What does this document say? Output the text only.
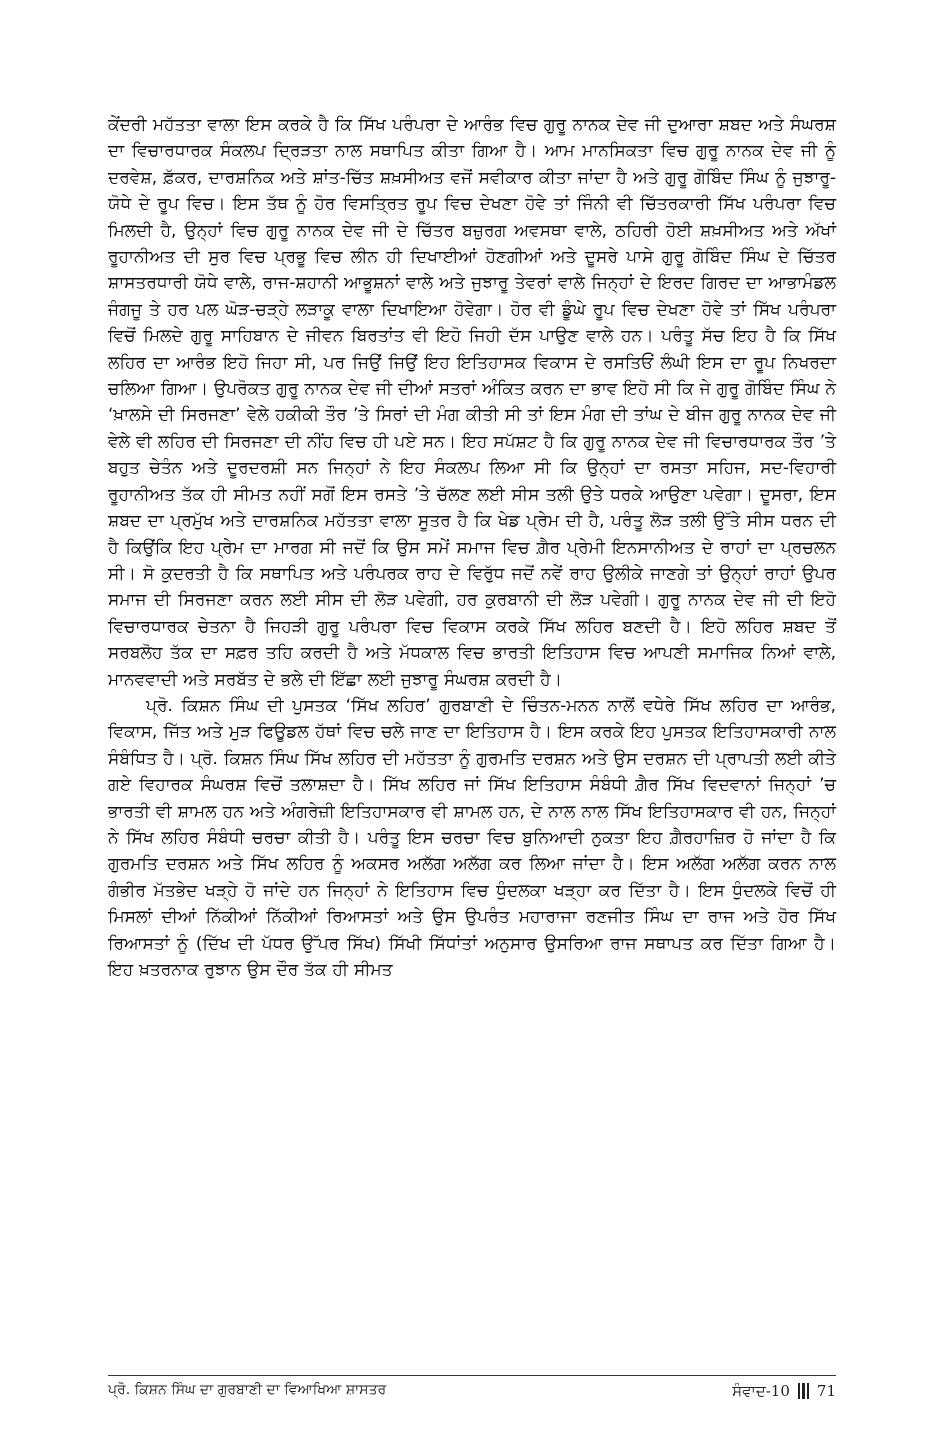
ਕੇਂਦਰੀ ਮਹੱਤਤਾ ਵਾਲਾ ਇਸ ਕਰਕੇ ਹੈ ਕਿ ਸਿੱਖ ਪਰੰਪਰਾ ਦੇ ਆਰੰਭ ਵਿਚ ਗੁਰੂ ਨਾਨਕ ਦੇਵ ਜੀ ਦੁਆਰਾ ਸ਼ਬਦ ਅਤੇ ਸੰਘਰਸ਼ ਦਾ ਵਿਚਾਰਧਾਰਕ ਸੰਕਲਪ ਦ੍ਰਿੜਤਾ ਨਾਲ ਸਥਾਪਿਤ ਕੀਤਾ ਗਿਆ ਹੈ। ਆਮ ਮਾਨਸਿਕਤਾ ਵਿਚ ਗੁਰੂ ਨਾਨਕ ਦੇਵ ਜੀ ਨੂੰ ਦਰਵੇਸ਼, ਫ਼ੱਕਰ, ਦਾਰਸ਼ਨਿਕ ਅਤੇ ਸ਼ਾਂਤ-ਚਿੱਤ ਸ਼ਖ਼ਸੀਅਤ ਵਜੋਂ ਸਵੀਕਾਰ ਕੀਤਾ ਜਾਂਦਾ ਹੈ ਅਤੇ ਗੁਰੂ ਗੋਬਿੰਦ ਸਿੰਘ ਨੂੰ ਜੁਝਾਰੂ-ਯੋਧੇ ਦੇ ਰੂਪ ਵਿਚ। ਇਸ ਤੱਥ ਨੂੰ ਹੋਰ ਵਿਸਤ੍ਰਿਤ ਰੂਪ ਵਿਚ ਦੇਖਣਾ ਹੋਵੇ ਤਾਂ ਜਿੰਨੀ ਵੀ ਚਿੱਤਰਕਾਰੀ ਸਿੱਖ ਪਰੰਪਰਾ ਵਿਚ ਮਿਲਦੀ ਹੈ, ਉਨ੍ਹਾਂ ਵਿਚ ਗੁਰੂ ਨਾਨਕ ਦੇਵ ਜੀ ਦੇ ਚਿੱਤਰ ਬਜ਼ੁਰਗ ਅਵਸਥਾ ਵਾਲੇ, ਠਹਿਰੀ ਹੋਈ ਸ਼ਖ਼ਸੀਅਤ ਅਤੇ ਅੱਖਾਂ ਰੂਹਾਨੀਅਤ ਦੀ ਸੁਰ ਵਿਚ ਪ੍ਰਭੂ ਵਿਚ ਲੀਨ ਹੀ ਦਿਖਾਈਆਂ ਹੋਣਗੀਆਂ ਅਤੇ ਦੂਸਰੇ ਪਾਸੇ ਗੁਰੂ ਗੋਬਿੰਦ ਸਿੰਘ ਦੇ ਚਿੱਤਰ ਸ਼ਾਸਤਰਧਾਰੀ ਯੋਧੇ ਵਾਲੇ, ਰਾਜ-ਸ਼ਹਾਨੀ ਆਭੂਸ਼ਨਾਂ ਵਾਲੇ ਅਤੇ ਜੁਝਾਰੂ ਤੇਵਰਾਂ ਵਾਲੇ ਜਿਨ੍ਹਾਂ ਦੇ ਇਰਦ ਗਿਰਦ ਦਾ ਆਭਾਮੰਡਲ ਜੰਗਜੂ ਤੇ ਹਰ ਪਲ ਘੋੜ-ਚੜ੍ਹੇ ਲੜਾਕੂ ਵਾਲਾ ਦਿਖਾਇਆ ਹੋਵੇਗਾ। ਹੋਰ ਵੀ ਡੂੰਘੇ ਰੂਪ ਵਿਚ ਦੇਖਣਾ ਹੋਵੇ ਤਾਂ ਸਿੱਖ ਪਰੰਪਰਾ ਵਿਚੋਂ ਮਿਲਦੇ ਗੁਰੂ ਸਾਹਿਬਾਨ ਦੇ ਜੀਵਨ ਬਿਰਤਾਂਤ ਵੀ ਇਹੋ ਜਿਹੀ ਦੱਸ ਪਾਉਣ ਵਾਲੇ ਹਨ। ਪਰੰਤੂ ਸੱਚ ਇਹ ਹੈ ਕਿ ਸਿੱਖ ਲਹਿਰ ਦਾ ਆਰੰਭ ਇਹੋ ਜਿਹਾ ਸੀ, ਪਰ ਜਿਉਂ ਜਿਉਂ ਇਹ ਇਤਿਹਾਸਕ ਵਿਕਾਸ ਦੇ ਰਸਤਿਓਂ ਲੰਘੀ ਇਸ ਦਾ ਰੂਪ ਨਿਖਰਦਾ ਚਲਿਆ ਗਿਆ। ਉਪਰੋਕਤ ਗੁਰੂ ਨਾਨਕ ਦੇਵ ਜੀ ਦੀਆਂ ਸਤਰਾਂ ਅੰਕਿਤ ਕਰਨ ਦਾ ਭਾਵ ਇਹੋ ਸੀ ਕਿ ਜੇ ਗੁਰੂ ਗੋਬਿੰਦ ਸਿੰਘ ਨੇ ‘ਖ਼ਾਲਸੇ ਦੀ ਸਿਰਜਣਾ’ ਵੇਲੇ ਹਕੀਕੀ ਤੌਰ ’ਤੇ ਸਿਰਾਂ ਦੀ ਮੰਗ ਕੀਤੀ ਸੀ ਤਾਂ ਇਸ ਮੰਗ ਦੀ ਤਾਂਘ ਦੇ ਬੀਜ ਗੁਰੂ ਨਾਨਕ ਦੇਵ ਜੀ ਵੇਲੇ ਵੀ ਲਹਿਰ ਦੀ ਸਿਰਜਣਾ ਦੀ ਨੀਂਹ ਵਿਚ ਹੀ ਪਏ ਸਨ। ਇਹ ਸਪੱਸ਼ਟ ਹੈ ਕਿ ਗੁਰੂ ਨਾਨਕ ਦੇਵ ਜੀ ਵਿਚਾਰਧਾਰਕ ਤੌਰ ’ਤੇ ਬਹੁਤ ਚੇਤੰਨ ਅਤੇ ਦੂਰਦਰਸ਼ੀ ਸਨ ਜਿਨ੍ਹਾਂ ਨੇ ਇਹ ਸੰਕਲਪ ਲਿਆ ਸੀ ਕਿ ਉਨ੍ਹਾਂ ਦਾ ਰਸਤਾ ਸਹਿਜ, ਸਦ-ਵਿਹਾਰੀ ਰੂਹਾਨੀਅਤ ਤੱਕ ਹੀ ਸੀਮਤ ਨਹੀਂ ਸਗੋਂ ਇਸ ਰਸਤੇ ’ਤੇ ਚੱਲਣ ਲਈ ਸੀਸ ਤਲੀ ਉਤੇ ਧਰਕੇ ਆਉਣਾ ਪਵੇਗਾ। ਦੂਸਰਾ, ਇਸ ਸ਼ਬਦ ਦਾ ਪ੍ਰਮੁੱਖ ਅਤੇ ਦਾਰਸ਼ਨਿਕ ਮਹੱਤਤਾ ਵਾਲਾ ਸੂਤਰ ਹੈ ਕਿ ਖੇਡ ਪ੍ਰੇਮ ਦੀ ਹੈ, ਪਰੰਤੂ ਲੋੜ ਤਲੀ ਉੱਤੇ ਸੀਸ ਧਰਨ ਦੀ ਹੈ ਕਿਉਂਕਿ ਇਹ ਪ੍ਰੇਮ ਦਾ ਮਾਰਗ ਸੀ ਜਦੋਂ ਕਿ ਉਸ ਸਮੇਂ ਸਮਾਜ ਵਿਚ ਗ਼ੈਰ ਪ੍ਰੇਮੀ ਇਨਸਾਨੀਅਤ ਦੇ ਰਾਹਾਂ ਦਾ ਪ੍ਰਚਲਨ ਸੀ। ਸੋ ਕੁਦਰਤੀ ਹੈ ਕਿ ਸਥਾਪਿਤ ਅਤੇ ਪਰੰਪਰਕ ਰਾਹ ਦੇ ਵਿਰੁੱਧ ਜਦੋਂ ਨਵੇਂ ਰਾਹ ਉਲੀਕੇ ਜਾਣਗੇ ਤਾਂ ਉਨ੍ਹਾਂ ਰਾਹਾਂ ਉਪਰ ਸਮਾਜ ਦੀ ਸਿਰਜਣਾ ਕਰਨ ਲਈ ਸੀਸ ਦੀ ਲੋੜ ਪਵੇਗੀ, ਹਰ ਕੁਰਬਾਨੀ ਦੀ ਲੋੜ ਪਵੇਗੀ। ਗੁਰੂ ਨਾਨਕ ਦੇਵ ਜੀ ਦੀ ਇਹੋ ਵਿਚਾਰਧਾਰਕ ਚੇਤਨਾ ਹੈ ਜਿਹੜੀ ਗੁਰੂ ਪਰੰਪਰਾ ਵਿਚ ਵਿਕਾਸ ਕਰਕੇ ਸਿੱਖ ਲਹਿਰ ਬਣਦੀ ਹੈ। ਇਹੋ ਲਹਿਰ ਸ਼ਬਦ ਤੋਂ ਸਰਬਲੋਹ ਤੱਕ ਦਾ ਸਫ਼ਰ ਤਹਿ ਕਰਦੀ ਹੈ ਅਤੇ ਮੱਧਕਾਲ ਵਿਚ ਭਾਰਤੀ ਇਤਿਹਾਸ ਵਿਚ ਆਪਣੀ ਸਮਾਜਿਕ ਨਿਆਂ ਵਾਲੇ, ਮਾਨਵਵਾਦੀ ਅਤੇ ਸਰਬੱਤ ਦੇ ਭਲੇ ਦੀ ਇੱਛਾ ਲਈ ਜੁਝਾਰੂ ਸੰਘਰਸ਼ ਕਰਦੀ ਹੈ।

ਪ੍ਰੋ. ਕਿਸ਼ਨ ਸਿੰਘ ਦੀ ਪੁਸਤਕ ‘ਸਿੱਖ ਲਹਿਰ’ ਗੁਰਬਾਣੀ ਦੇ ਚਿੰਤਨ-ਮਨਨ ਨਾਲੋਂ ਵਧੇਰੇ ਸਿੱਖ ਲਹਿਰ ਦਾ ਆਰੰਭ, ਵਿਕਾਸ, ਜਿੱਤ ਅਤੇ ਮੁੜ ਫਿਊਡਲ ਹੱਥਾਂ ਵਿਚ ਚਲੇ ਜਾਣ ਦਾ ਇਤਿਹਾਸ ਹੈ। ਇਸ ਕਰਕੇ ਇਹ ਪੁਸਤਕ ਇਤਿਹਾਸਕਾਰੀ ਨਾਲ ਸੰਬੰਧਿਤ ਹੈ। ਪ੍ਰੋ. ਕਿਸ਼ਨ ਸਿੰਘ ਸਿੱਖ ਲਹਿਰ ਦੀ ਮਹੱਤਤਾ ਨੂੰ ਗੁਰਮਤਿ ਦਰਸ਼ਨ ਅਤੇ ਉਸ ਦਰਸ਼ਨ ਦੀ ਪ੍ਰਾਪਤੀ ਲਈ ਕੀਤੇ ਗਏ ਵਿਹਾਰਕ ਸੰਘਰਸ਼ ਵਿਚੋਂ ਤਲਾਸ਼ਦਾ ਹੈ। ਸਿੱਖ ਲਹਿਰ ਜਾਂ ਸਿੱਖ ਇਤਿਹਾਸ ਸੰਬੰਧੀ ਗ਼ੈਰ ਸਿੱਖ ਵਿਦਵਾਨਾਂ ਜਿਨ੍ਹਾਂ ’ਚ ਭਾਰਤੀ ਵੀ ਸ਼ਾਮਲ ਹਨ ਅਤੇ ਅੰਗਰੇਜ਼ੀ ਇਤਿਹਾਸਕਾਰ ਵੀ ਸ਼ਾਮਲ ਹਨ, ਦੇ ਨਾਲ ਨਾਲ ਸਿੱਖ ਇਤਿਹਾਸਕਾਰ ਵੀ ਹਨ, ਜਿਨ੍ਹਾਂ ਨੇ ਸਿੱਖ ਲਹਿਰ ਸੰਬੰਧੀ ਚਰਚਾ ਕੀਤੀ ਹੈ। ਪਰੰਤੂ ਇਸ ਚਰਚਾ ਵਿਚ ਬੁਨਿਆਦੀ ਨੁਕਤਾ ਇਹ ਗ਼ੈਰਹਾਜ਼ਿਰ ਹੋ ਜਾਂਦਾ ਹੈ ਕਿ ਗੁਰਮਤਿ ਦਰਸ਼ਨ ਅਤੇ ਸਿੱਖ ਲਹਿਰ ਨੂੰ ਅਕਸਰ ਅਲੱਗ ਅਲੱਗ ਕਰ ਲਿਆ ਜਾਂਦਾ ਹੈ। ਇਸ ਅਲੱਗ ਅਲੱਗ ਕਰਨ ਨਾਲ ਗੰਭੀਰ ਮੱਤਭੇਦ ਖੜ੍ਹੇ ਹੋ ਜਾਂਦੇ ਹਨ ਜਿਨ੍ਹਾਂ ਨੇ ਇਤਿਹਾਸ ਵਿਚ ਧੁੰਦਲਕਾ ਖੜ੍ਹਾ ਕਰ ਦਿੱਤਾ ਹੈ। ਇਸ ਧੁੰਦਲਕੇ ਵਿਚੋਂ ਹੀ ਮਿਸਲਾਂ ਦੀਆਂ ਨਿੱਕੀਆਂ ਨਿੱਕੀਆਂ ਰਿਆਸਤਾਂ ਅਤੇ ਉਸ ਉਪਰੰਤ ਮਹਾਰਾਜਾ ਰਣਜੀਤ ਸਿੰਘ ਦਾ ਰਾਜ ਅਤੇ ਹੋਰ ਸਿੱਖ ਰਿਆਸਤਾਂ ਨੂੰ (ਦਿੱਖ ਦੀ ਪੱਧਰ ਉੱਪਰ ਸਿੱਖ) ਸਿੱਖੀ ਸਿੱਧਾਂਤਾਂ ਅਨੁਸਾਰ ਉਸਰਿਆ ਰਾਜ ਸਥਾਪਤ ਕਰ ਦਿੱਤਾ ਗਿਆ ਹੈ। ਇਹ ਖ਼ਤਰਨਾਕ ਰੁਝਾਨ ਉਸ ਦੌਰ ਤੱਕ ਹੀ ਸੀਮਤ

ਪ੍ਰੋ. ਕਿਸ਼ਨ ਸਿੰਘ ਦਾ ਗੁਰਬਾਣੀ ਦਾ ਵਿਆਖਿਆ ਸ਼ਾਸਤਰ	ਸੰਵਾਦ-10 71
